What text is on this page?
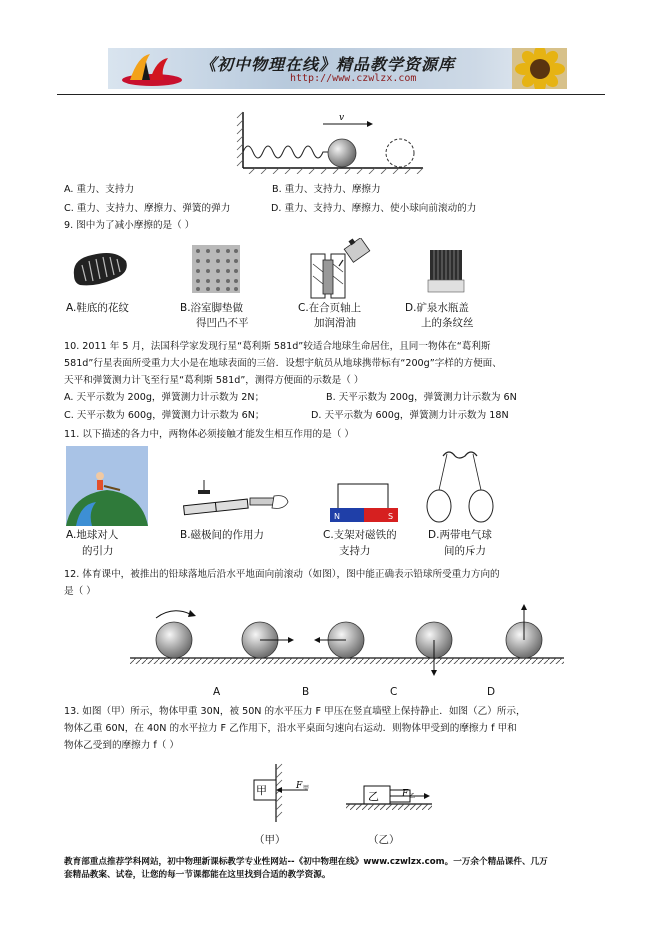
《初中物理在线》精品教学资源库
http://www.czwlzx.com
v
A. 重力、支持力	B. 重力、支持力、摩擦力
C. 重力、支持力、摩擦力、弹簧的弹力	D. 重力、支持力、摩擦力、使小球向前滚动的力
9. 图中为了减小摩擦的是（ ）
A.鞋底的花纹	B.浴室脚垫做
得凹凸不平
C.在合页轴上
加润滑油
D.矿泉水瓶盖
上的条纹丝
10. 2011 年 5 月，法国科学家发现行星“葛利斯 581d”较适合地球生命居住，且同一物体在“葛利斯
581d”行星表面所受重力大小是在地球表面的三倍．设想宇航员从地球携带标有“200g”字样的方便面、
天平和弹簧测力计飞至行星“葛利斯 581d”，测得方便面的示数是（ ）
A. 天平示数为 200g，弹簧测力计示数为 2N；	B. 天平示数为 200g，弹簧测力计示数为 6N
C. 天平示数为 600g，弹簧测力计示数为 6N；	D. 天平示数为 600g，弹簧测力计示数为 18N
11. 以下描述的各力中，两物体必须接触才能发生相互作用的是（ ）
N	S
A.地球对人
的引力
B.磁极间的作用力	C.支架对磁铁的
支持力
D.两带电气球
间的斥力
12. 体育课中，被推出的铅球落地后沿水平地面向前滚动（如图），图中能正确表示铅球所受重力方向的
是（ ）
A	B	C	D
13. 如图（甲）所示，物体甲重 30N，被 50N 的水平压力 F 甲压在竖直墙壁上保持静止．如图（乙）所示，
物体乙重 60N，在 40N 的水平拉力 F 乙作用下，沿水平桌面匀速向右运动．则物体甲受到的摩擦力 f 甲和
物体乙受到的摩擦力 f（ ）
甲	F 甲
乙	F 乙
（甲）	（乙）
教育部重点推荐学科网站，初中物理新课标教学专业性网站--《初中物理在线》www.czwlzx.com。一万余个精品课件、几万
套精品教案、试卷，让您的每一节课都能在这里找到合适的教学资源。
